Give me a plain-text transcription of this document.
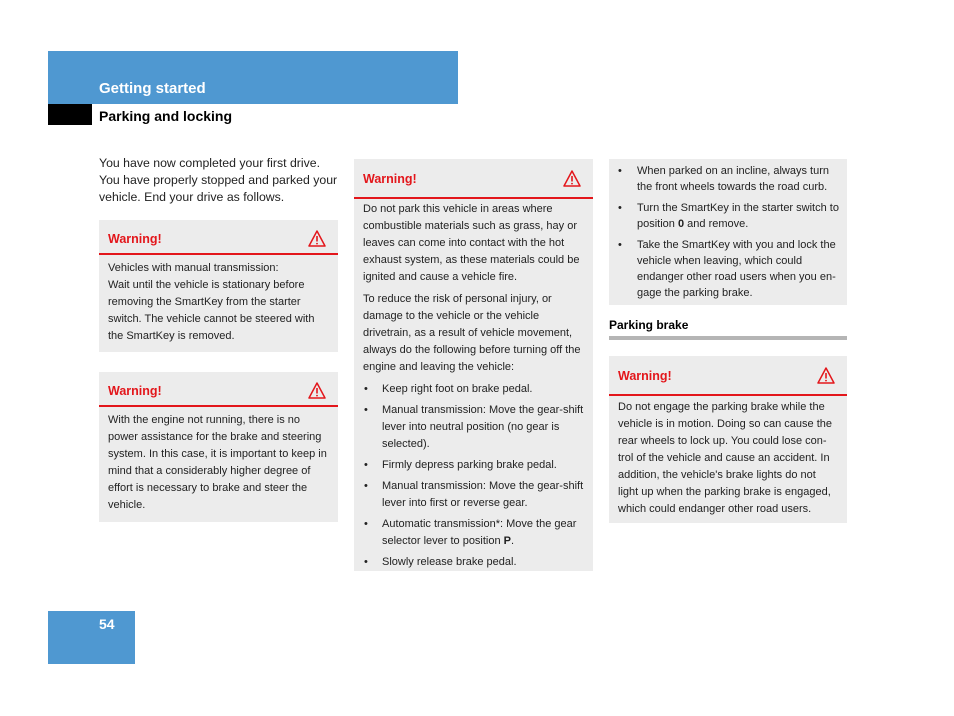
Getting started
Parking and locking
You have now completed your first drive. You have properly stopped and parked your vehicle. End your drive as follows.
Warning!
Vehicles with manual transmission:
Wait until the vehicle is stationary before removing the SmartKey from the starter switch. The vehicle cannot be steered with the SmartKey is removed.
Warning!
With the engine not running, there is no power assistance for the brake and steering system. In this case, it is important to keep in mind that a considerably higher degree of effort is necessary to brake and steer the vehicle.
Warning!

Do not park this vehicle in areas where combustible materials such as grass, hay or leaves can come into contact with the hot exhaust system, as these materials could be ignited and cause a vehicle fire.

To reduce the risk of personal injury, or damage to the vehicle or the vehicle drivetrain, as a result of vehicle movement, always do the following before turning off the engine and leaving the vehicle:

• Keep right foot on brake pedal.
• Manual transmission: Move the gear-shift lever into neutral position (no gear is selected).
• Firmly depress parking brake pedal.
• Manual transmission: Move the gear-shift lever into first or reverse gear.
• Automatic transmission*: Move the gear selector lever to position P.
• Slowly release brake pedal.
• When parked on an incline, always turn the front wheels towards the road curb.
• Turn the SmartKey in the starter switch to position 0 and remove.
• Take the SmartKey with you and lock the vehicle when leaving, which could endanger other road users when you en-gage the parking brake.
Parking brake
Warning!
Do not engage the parking brake while the vehicle is in motion. Doing so can cause the rear wheels to lock up. You could lose con-trol of the vehicle and cause an accident. In addition, the vehicle's brake lights do not light up when the parking brake is engaged, which could endanger other road users.
54
